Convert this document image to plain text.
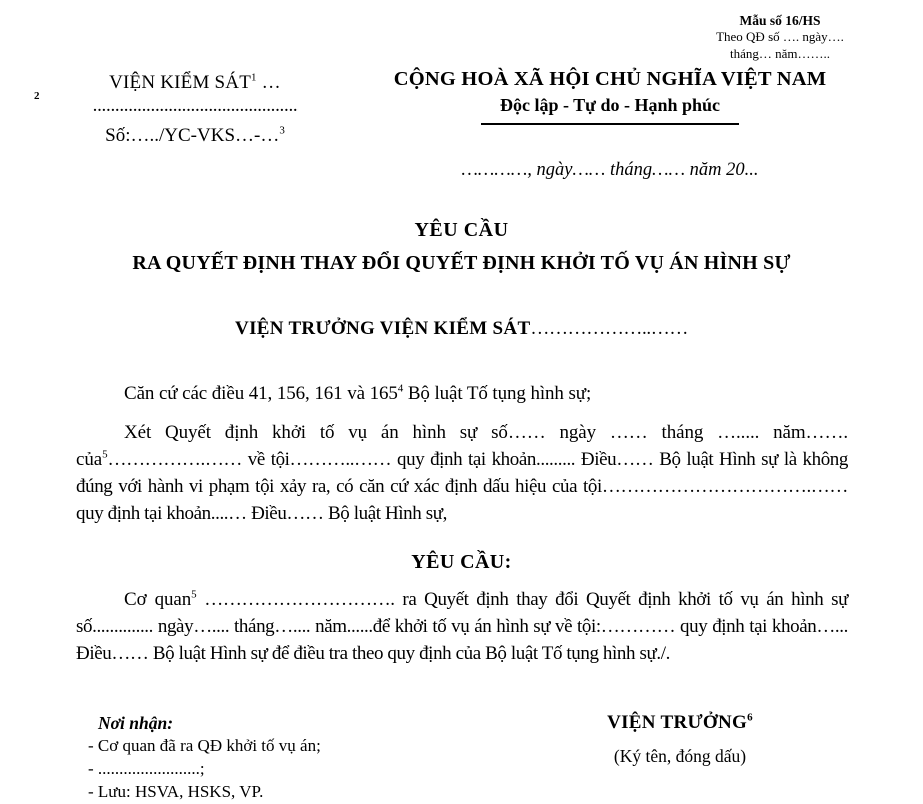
Mẫu số 16/HS
Theo QĐ số …. ngày….
tháng… năm……..
VIỆN KIỂM SÁT$^1$ …
2	..............................................
Số:…../YC-VKS…-…$^3$
CỘNG HOÀ XÃ HỘI CHỦ NGHĨA VIỆT NAM
Độc lập - Tự do - Hạnh phúc
…………, ngày…… tháng…… năm 20...
YÊU CẦU
RA QUYẾT ĐỊNH THAY ĐỔI QUYẾT ĐỊNH KHỞI TỐ VỤ ÁN HÌNH SỰ
VIỆN TRƯỞNG VIỆN KIỂM SÁT………………..……

Căn cứ các điều 41, 156, 161 và $165^4$ Bộ luật Tố tụng hình sự;

Xét Quyết định khởi tố vụ án hình sự số…… ngày …… tháng …..... năm……. của$^5$…………….…… về tội………..…… quy định tại khoản......... Điều…… Bộ luật Hình sự là không đúng với hành vi phạm tội xảy ra, có căn cứ xác định dấu hiệu của tội…………………………….…… quy định tại khoản....… Điều…… Bộ luật Hình sự,

YÊU CẦU:

Cơ quan$^5$ …………………………. ra Quyết định thay đổi Quyết định khởi tố vụ án hình sự số.............. ngày….... tháng….... năm......để khởi tố vụ án hình sự về tội:………… quy định tại khoản…... Điều…… Bộ luật Hình sự để điều tra theo quy định của Bộ luật Tố tụng hình sự./.

Nơi nhận:
- Cơ quan đã ra QĐ khởi tố vụ án;
- ........................;
- Lưu: HSVA, HSKS, VP.
VIỆN TRƯỞNG$^6$
(Ký tên, đóng dấu)
